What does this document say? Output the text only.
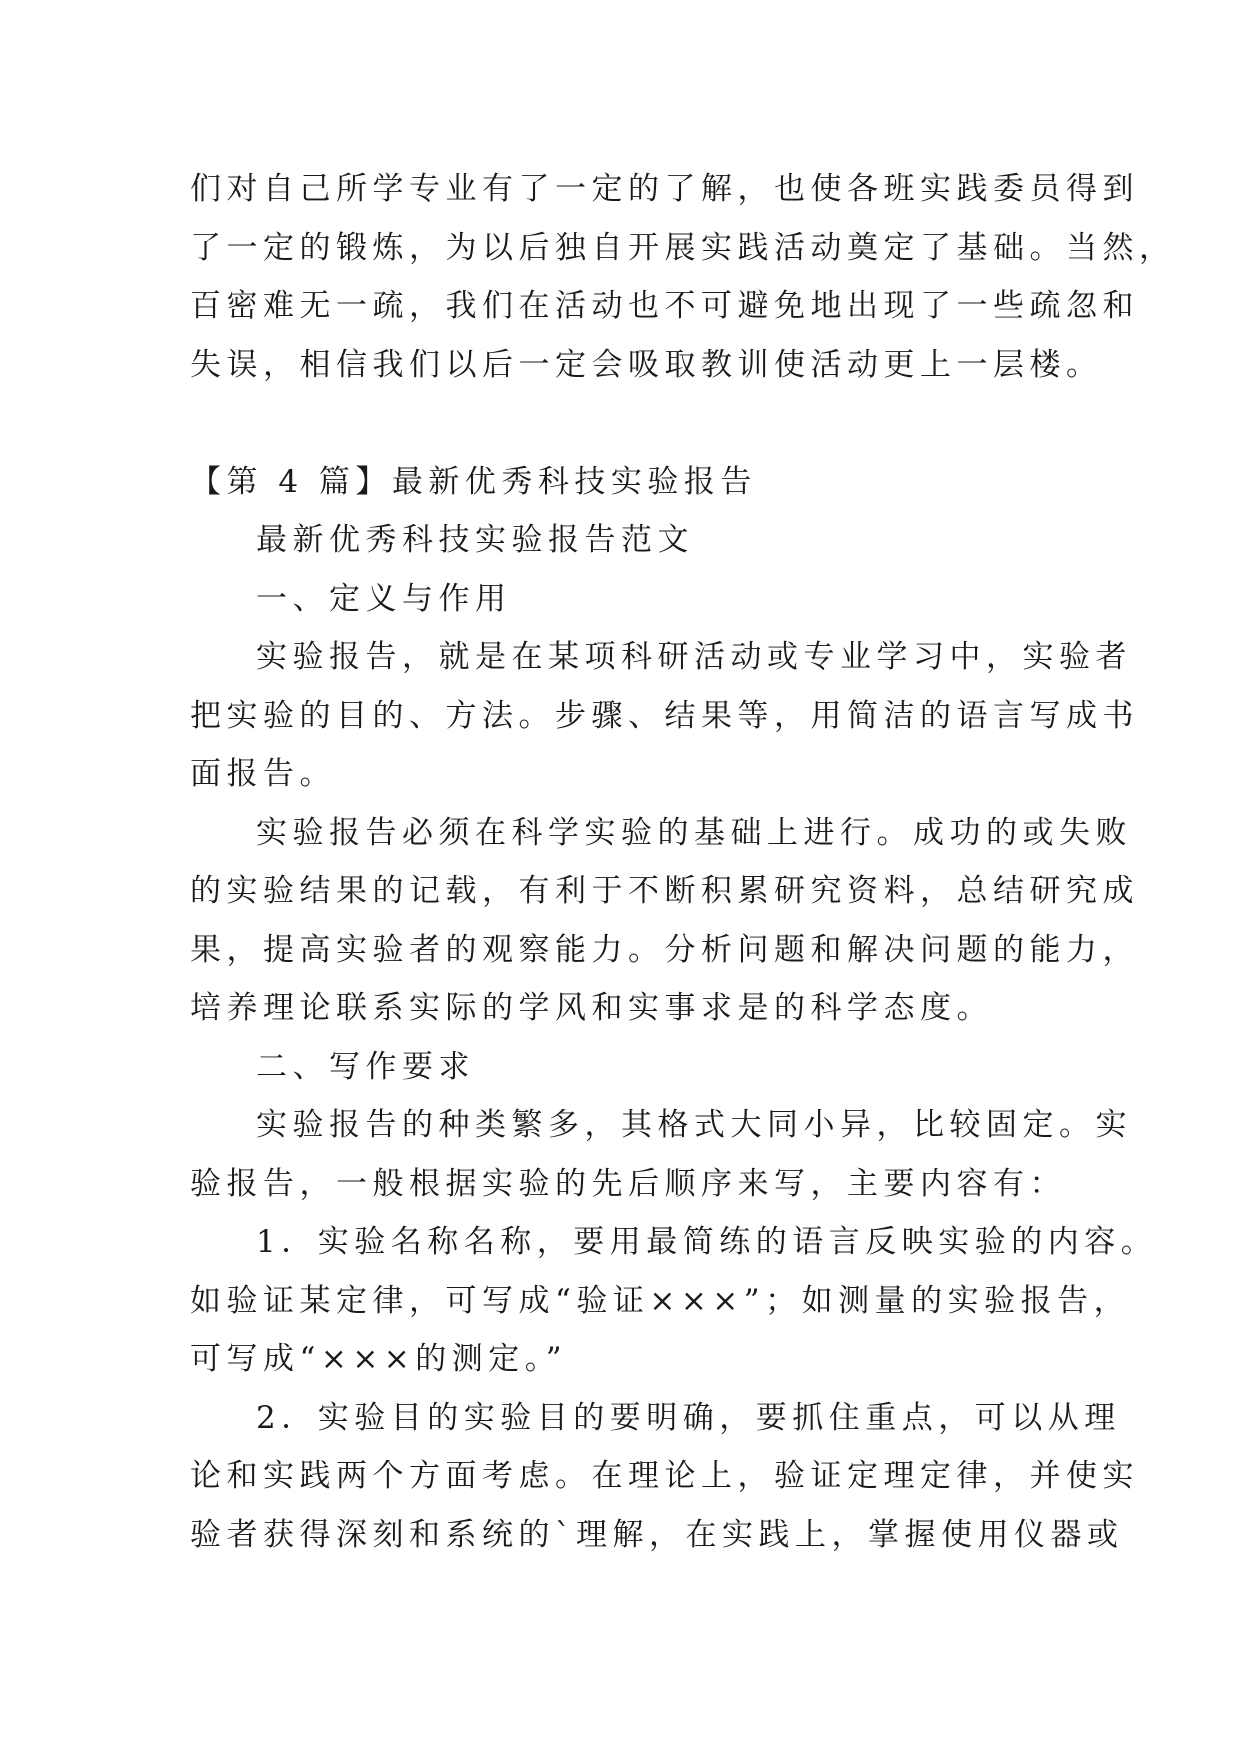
们对自己所学专业有了一定的了解，也使各班实践委员得到
了一定的锻炼，为以后独自开展实践活动奠定了基础。当然，
百密难无一疏，我们在活动也不可避免地出现了一些疏忽和
失误，相信我们以后一定会吸取教训使活动更上一层楼。
【第 4 篇】最新优秀科技实验报告
最新优秀科技实验报告范文
一、定义与作用
实验报告，就是在某项科研活动或专业学习中，实验者
把实验的目的、方法。步骤、结果等，用简洁的语言写成书
面报告。
实验报告必须在科学实验的基础上进行。成功的或失败
的实验结果的记载，有利于不断积累研究资料，总结研究成
果，提高实验者的观察能力。分析问题和解决问题的能力，
培养理论联系实际的学风和实事求是的科学态度。
二、写作要求
实验报告的种类繁多，其格式大同小异，比较固定。实
验报告，一般根据实验的先后顺序来写，主要内容有：
1．实验名称名称，要用最简练的语言反映实验的内容。
如验证某定律，可写成“验证×××”；如测量的实验报告，
可写成“×××的测定。”
2．实验目的实验目的要明确，要抓住重点，可以从理
论和实践两个方面考虑。在理论上，验证定理定律，并使实
验者获得深刻和系统的`理解，在实践上，掌握使用仪器或
